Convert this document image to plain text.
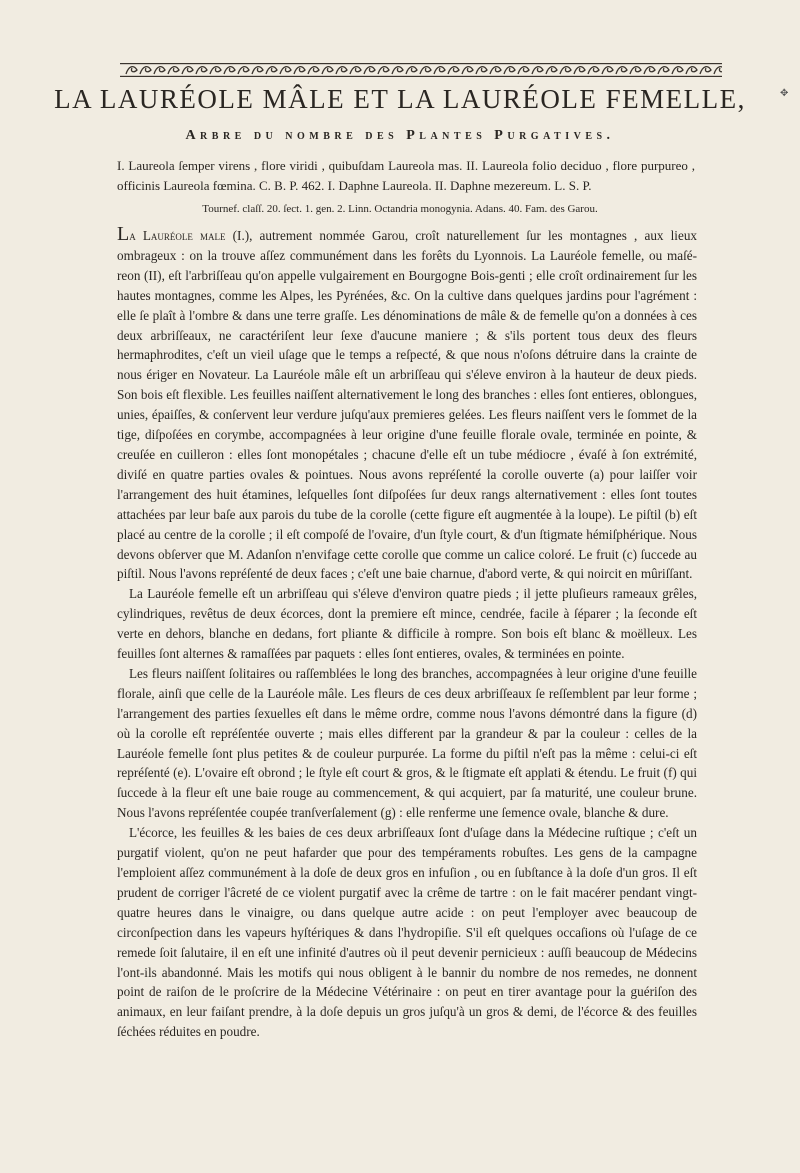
LA LAURÉOLE MÂLE ET LA LAURÉOLE FEMELLE,
Arbre du nombre des Plantes Purgatives.

I. Laureola ſemper virens , flore viridi , quibuſdam Laureola mas. II. Laureola folio deciduo , flore purpureo , officinis Laureola fœmina. C. B. P. 462. I. Daphne Laureola. II. Daphne mezereum. L. S. P.

Tournef. claſſ. 20. ſect. 1. gen. 2. Linn. Octandria monogynia. Adans. 40. Fam. des Garou.

La Lauréole male (I.), autrement nommée Garou, croît naturellement ſur les montagnes , aux lieux ombrageux : on la trouve aſſez communément dans les forêts du Lyonnois. La Lauréole femelle, ou maſé-reon (II), eſt l'arbriſſeau qu'on appelle vulgairement en Bourgogne Bois-genti ; elle croît ordinairement ſur les hautes montagnes, comme les Alpes, les Pyrénées, &c. On la cultive dans quelques jardins pour l'agrément : elle ſe plaît à l'ombre & dans une terre graſſe. Les dénominations de mâle & de femelle qu'on a données à ces deux arbriſſeaux, ne caractériſent leur ſexe d'aucune maniere ; & s'ils portent tous deux des fleurs hermaphrodites, c'eſt un vieil uſage que le temps a reſpecté, & que nous n'oſons détruire dans la crainte de nous ériger en Novateur. La Lauréole mâle eſt un arbriſſeau qui s'éleve environ à la hauteur de deux pieds. Son bois eſt flexible. Les feuilles naiſſent alternativement le long des branches : elles ſont entieres, oblongues, unies, épaiſſes, & conſervent leur verdure juſqu'aux premieres gelées. Les fleurs naiſſent vers le ſommet de la tige, diſpoſées en corymbe, accompagnées à leur origine d'une feuille florale ovale, terminée en pointe, & creuſée en cuilleron : elles ſont monopétales ; chacune d'elle eſt un tube médiocre , évaſé à ſon extrémité, diviſé en quatre parties ovales & pointues. Nous avons repréſenté la corolle ouverte (a) pour laiſſer voir l'arrangement des huit étamines, leſquelles ſont diſpoſées ſur deux rangs alternativement : elles ſont toutes attachées par leur baſe aux parois du tube de la corolle (cette figure eſt augmentée à la loupe). Le piſtil (b) eſt placé au centre de la corolle ; il eſt compoſé de l'ovaire, d'un ſtyle court, & d'un ſtigmate hémiſphérique. Nous devons obſerver que M. Adanſon n'envifage cette corolle que comme un calice coloré. Le fruit (c) ſuccede au piſtil. Nous l'avons repréſenté de deux faces ; c'eſt une baie charnue, d'abord verte, & qui noircit en mûriſſant.

La Lauréole femelle eſt un arbriſſeau qui s'éleve d'environ quatre pieds ; il jette pluſieurs rameaux grêles, cylindriques, revêtus de deux écorces, dont la premiere eſt mince, cendrée, facile à ſéparer ; la ſeconde eſt verte en dehors, blanche en dedans, fort pliante & difficile à rompre. Son bois eſt blanc & moëlleux. Les feuilles ſont alternes & ramaſſées par paquets : elles ſont entieres, ovales, & terminées en pointe.

Les fleurs naiſſent ſolitaires ou raſſemblées le long des branches, accompagnées à leur origine d'une feuille florale, ainſi que celle de la Lauréole mâle. Les fleurs de ces deux arbriſſeaux ſe reſſemblent par leur forme ; l'arrangement des parties ſexuelles eſt dans le même ordre, comme nous l'avons démontré dans la figure (d) où la corolle eſt repréſentée ouverte ; mais elles different par la grandeur & par la couleur : celles de la Lauréole femelle ſont plus petites & de couleur purpurée. La forme du piſtil n'eſt pas la même : celui-ci eſt repréſenté (e). L'ovaire eſt obrond ; le ſtyle eſt court & gros, & le ſtigmate eſt applati & étendu. Le fruit (f) qui ſuccede à la fleur eſt une baie rouge au commencement, & qui acquiert, par ſa maturité, une couleur brune. Nous l'avons repréſentée coupée tranſverſalement (g) : elle renferme une ſemence ovale, blanche & dure.

L'écorce, les feuilles & les baies de ces deux arbriſſeaux ſont d'uſage dans la Médecine ruſtique ; c'eſt un purgatif violent, qu'on ne peut hafarder que pour des tempéraments robuſtes. Les gens de la campagne l'emploient aſſez communément à la doſe de deux gros en infuſion , ou en ſubſtance à la doſe d'un gros. Il eſt prudent de corriger l'âcreté de ce violent purgatif avec la crême de tartre : on le fait macérer pendant vingt-quatre heures dans le vinaigre, ou dans quelque autre acide : on peut l'employer avec beaucoup de circonſpection dans les vapeurs hyſtériques & dans l'hydropiſie. S'il eſt quelques occaſions où l'uſage de ce remede ſoit ſalutaire, il en eſt une infinité d'autres où il peut devenir pernicieux : auſſi beaucoup de Médecins l'ont-ils abandonné. Mais les motifs qui nous obligent à le bannir du nombre de nos remedes, ne donnent point de raiſon de le proſcrire de la Médecine Vétérinaire : on peut en tirer avantage pour la guériſon des animaux, en leur faiſant prendre, à la doſe depuis un gros juſqu'à un gros & demi, de l'écorce & des feuilles ſéchées réduites en poudre.

✥
